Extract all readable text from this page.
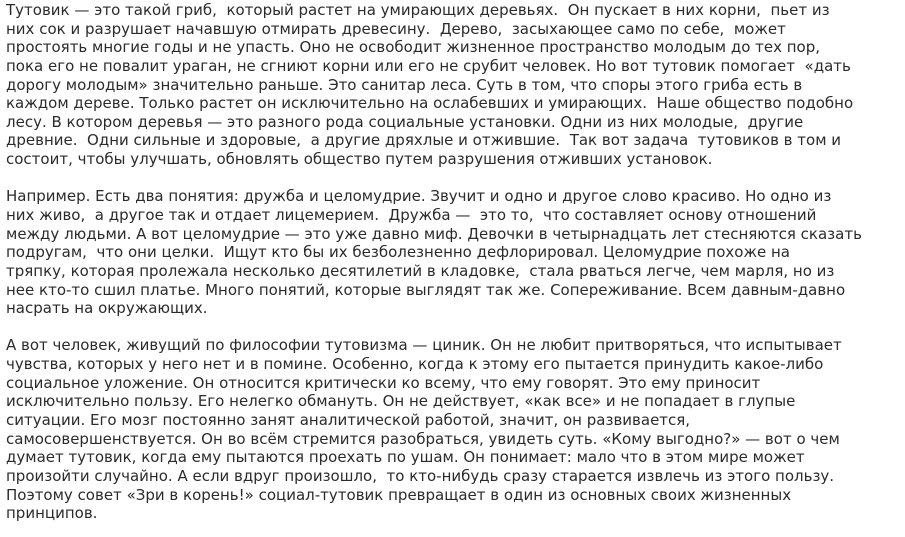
Тутовик — это такой гриб,  который растет на умирающих деревьях.  Он пускает в них корни,  пьет из
них сок и разрушает начавшую отмирать древесину.  Дерево,  засыхающее само по себе,  может
простоять многие годы и не упасть. Оно не освободит жизненное пространство молодым до тех пор,
пока его не повалит ураган, не сгниют корни или его не срубит человек. Но вот тутовик помогает  «дать
дорогу молодым» значительно раньше. Это санитар леса. Суть в том, что споры этого гриба есть в
каждом дереве. Только растет он исключительно на ослабевших и умирающих.  Наше общество подобно
лесу. В котором деревья — это разного рода социальные установки. Одни из них молодые,  другие
древние.  Одни сильные и здоровые,  а другие дряхлые и отжившие.  Так вот задача  тутовиков в том и
состоит, чтобы улучшать, обновлять общество путем разрушения отживших установок.
Например. Есть два понятия: дружба и целомудрие. Звучит и одно и другое слово красиво. Но одно из
них живо,  а другое так и отдает лицемерием.  Дружба —  это то,  что составляет основу отношений
между людьми. А вот целомудрие — это уже давно миф. Девочки в четырнадцать лет стесняются сказать
подругам,  что они целки.  Ищут кто бы их безболезненно дефлорировал. Целомудрие похоже на
тряпку, которая пролежала несколько десятилетий в кладовке,  стала рваться легче, чем марля, но из
нее кто-то сшил платье. Много понятий, которые выглядят так же. Сопереживание. Всем давным-давно
насрать на окружающих.
А вот человек, живущий по философии тутовизма — циник. Он не любит притворяться, что испытывает
чувства, которых у него нет и в помине. Особенно, когда к этому его пытается принудить какое-либо
социальное уложение. Он относится критически ко всему, что ему говорят. Это ему приносит
исключительно пользу. Его нелегко обмануть. Он не действует, «как все» и не попадает в глупые
ситуации. Его мозг постоянно занят аналитической работой, значит, он развивается,
самосовершенствуется. Он во всём стремится разобраться, увидеть суть. «Кому выгодно?» — вот о чем
думает тутовик, когда ему пытаются проехать по ушам. Он понимает: мало что в этом мире может
произойти случайно. А если вдруг произошло,  то кто-нибудь сразу старается извлечь из этого пользу.
Поэтому совет «Зри в корень!» социал-тутовик превращает в один из основных своих жизненных
принципов.
